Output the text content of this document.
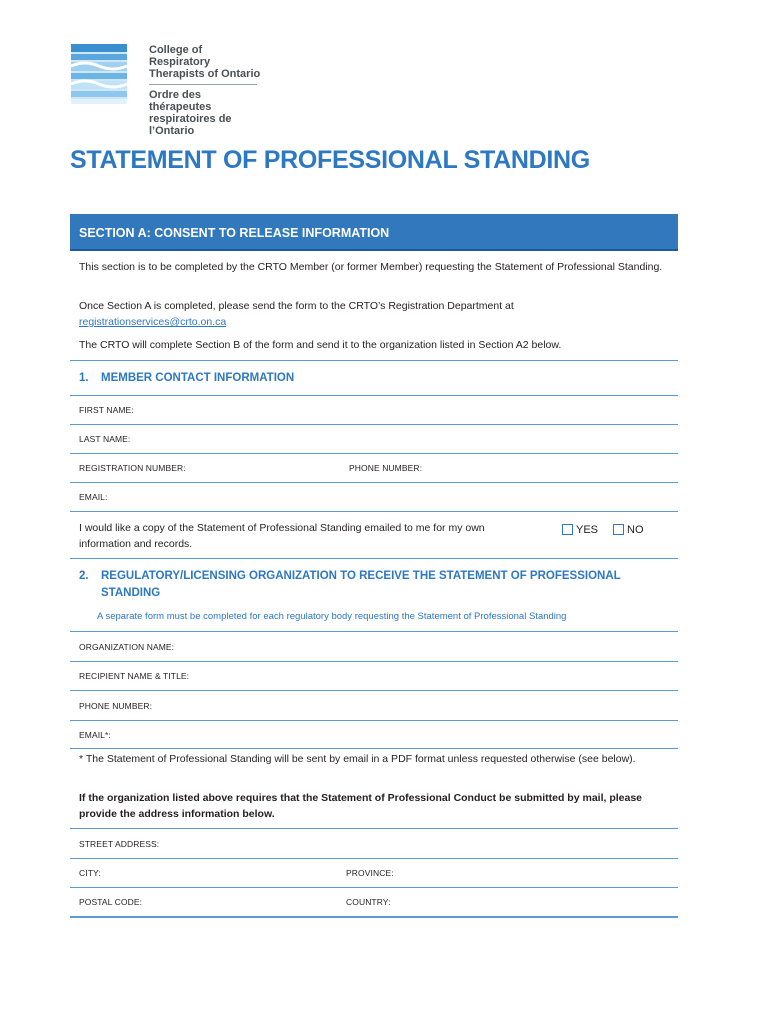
College of Respiratory Therapists of Ontario
Ordre des thérapeutes respiratoires de l’Ontario
STATEMENT OF PROFESSIONAL STANDING
SECTION A: CONSENT TO RELEASE INFORMATION
This section is to be completed by the CRTO Member (or former Member) requesting the Statement of Professional Standing.
Once Section A is completed, please send the form to the CRTO’s Registration Department at
registrationservices@crto.on.ca
The CRTO will complete Section B of the form and send it to the organization listed in Section A2 below.
1. MEMBER CONTACT INFORMATION
FIRST NAME:
LAST NAME:
REGISTRATION NUMBER:	PHONE NUMBER:
EMAIL:
I would like a copy of the Statement of Professional Standing emailed to me for my own information and records.
YES	NO
2.	REGULATORY/LICENSING ORGANIZATION TO RECEIVE THE STATEMENT OF PROFESSIONAL STANDING
A separate form must be completed for each regulatory body requesting the Statement of Professional Standing
ORGANIZATION NAME:
RECIPIENT NAME & TITLE:
PHONE NUMBER:
EMAIL*:
* The Statement of Professional Standing will be sent by email in a PDF format unless requested otherwise (see below).
If the organization listed above requires that the Statement of Professional Conduct be submitted by mail, please provide the address information below.
STREET ADDRESS:
CITY:	PROVINCE:
POSTAL CODE:	COUNTRY:
